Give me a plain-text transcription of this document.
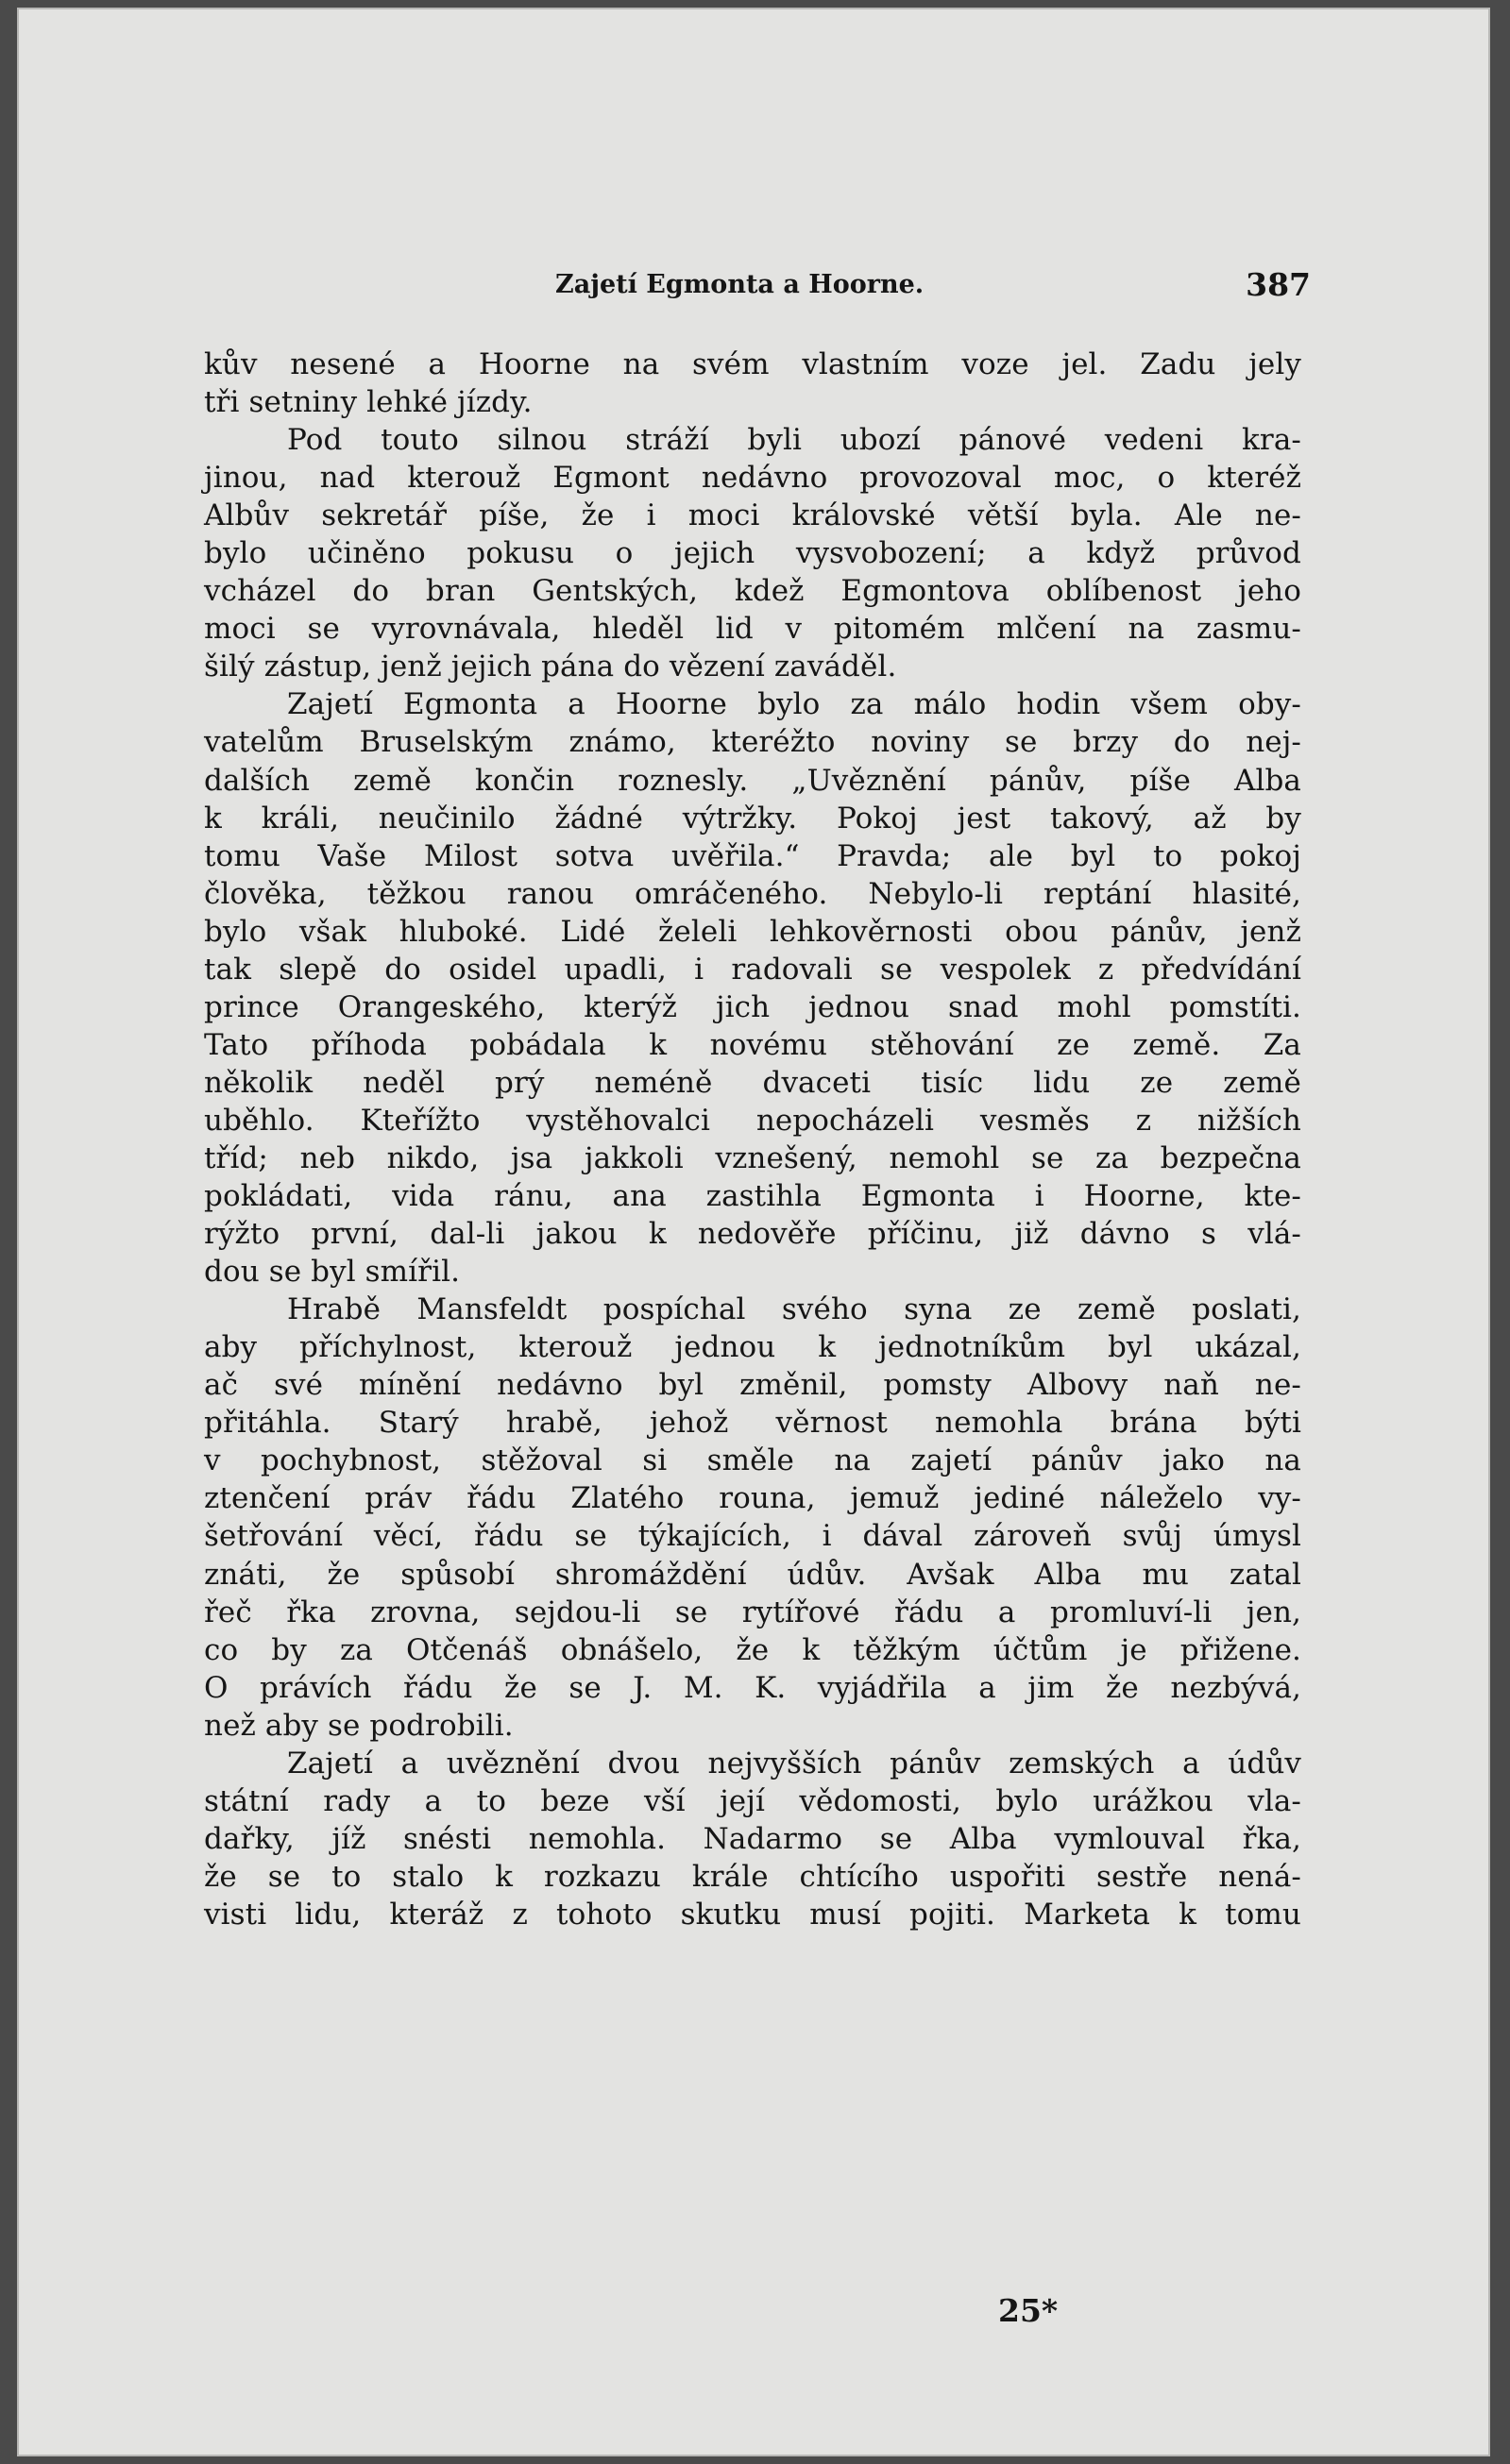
Zajetí Egmonta a Hoorne.	387
kův nesené a Hoorne na svém vlastním voze jel. Zadu jely
tři setniny lehké jízdy.
Pod touto silnou stráží byli ubozí pánové vedeni kra-
jinou, nad kterouž Egmont nedávno provozoval moc, o kteréž
Albův sekretář píše, že i moci královské větší byla. Ale ne-
bylo učiněno pokusu o jejich vysvobození; a když průvod
vcházel do bran Gentských, kdež Egmontova oblíbenost jeho
moci se vyrovnávala, hleděl lid v pitomém mlčení na zasmu-
šilý zástup, jenž jejich pána do vězení zaváděl.
Zajetí Egmonta a Hoorne bylo za málo hodin všem oby-
vatelům Bruselským známo, kteréžto noviny se brzy do nej-
dalších země končin roznesly. „Uvěznění pánův, píše Alba
k králi, neučinilo žádné výtržky. Pokoj jest takový, až by
tomu Vaše Milost sotva uvěřila.“ Pravda; ale byl to pokoj
člověka, těžkou ranou omráčeného. Nebylo-li reptání hlasité,
bylo však hluboké. Lidé želeli lehkověrnosti obou pánův, jenž
tak slepě do osidel upadli, i radovali se vespolek z předvídání
prince Orangeského, kterýž jich jednou snad mohl pomstíti.
Tato příhoda pobádala k novému stěhování ze země. Za
několik neděl prý neméně dvaceti tisíc lidu ze země
uběhlo. Kteřížto vystěhovalci nepocházeli vesměs z nižších
tříd; neb nikdo, jsa jakkoli vznešený, nemohl se za bezpečna
pokládati, vida ránu, ana zastihla Egmonta i Hoorne, kte-
rýžto první, dal-li jakou k nedověře příčinu, již dávno s vlá-
dou se byl smířil.
Hrabě Mansfeldt pospíchal svého syna ze země poslati,
aby příchylnost, kterouž jednou k jednotníkům byl ukázal,
ač své mínění nedávno byl změnil, pomsty Albovy naň ne-
přitáhla. Starý hrabě, jehož věrnost nemohla brána býti
v pochybnost, stěžoval si směle na zajetí pánův jako na
ztenčení práv řádu Zlatého rouna, jemuž jediné náleželo vy-
šetřování věcí, řádu se týkajících, i dával zároveň svůj úmysl
znáti, že spůsobí shromáždění údův. Avšak Alba mu zatal
řeč řka zrovna, sejdou-li se rytířové řádu a promluví-li jen,
co by za Otčenáš obnášelo, že k těžkým účtům je přižene.
O právích řádu že se J. M. K. vyjádřila a jim že nezbývá,
než aby se podrobili.
Zajetí a uvěznění dvou nejvyšších pánův zemských a údův
státní rady a to beze vší její vědomosti, bylo urážkou vla-
dařky, jíž snésti nemohla. Nadarmo se Alba vymlouval řka,
že se to stalo k rozkazu krále chtícího uspořiti sestře nená-
visti lidu, kteráž z tohoto skutku musí pojiti. Marketa k tomu
25*
